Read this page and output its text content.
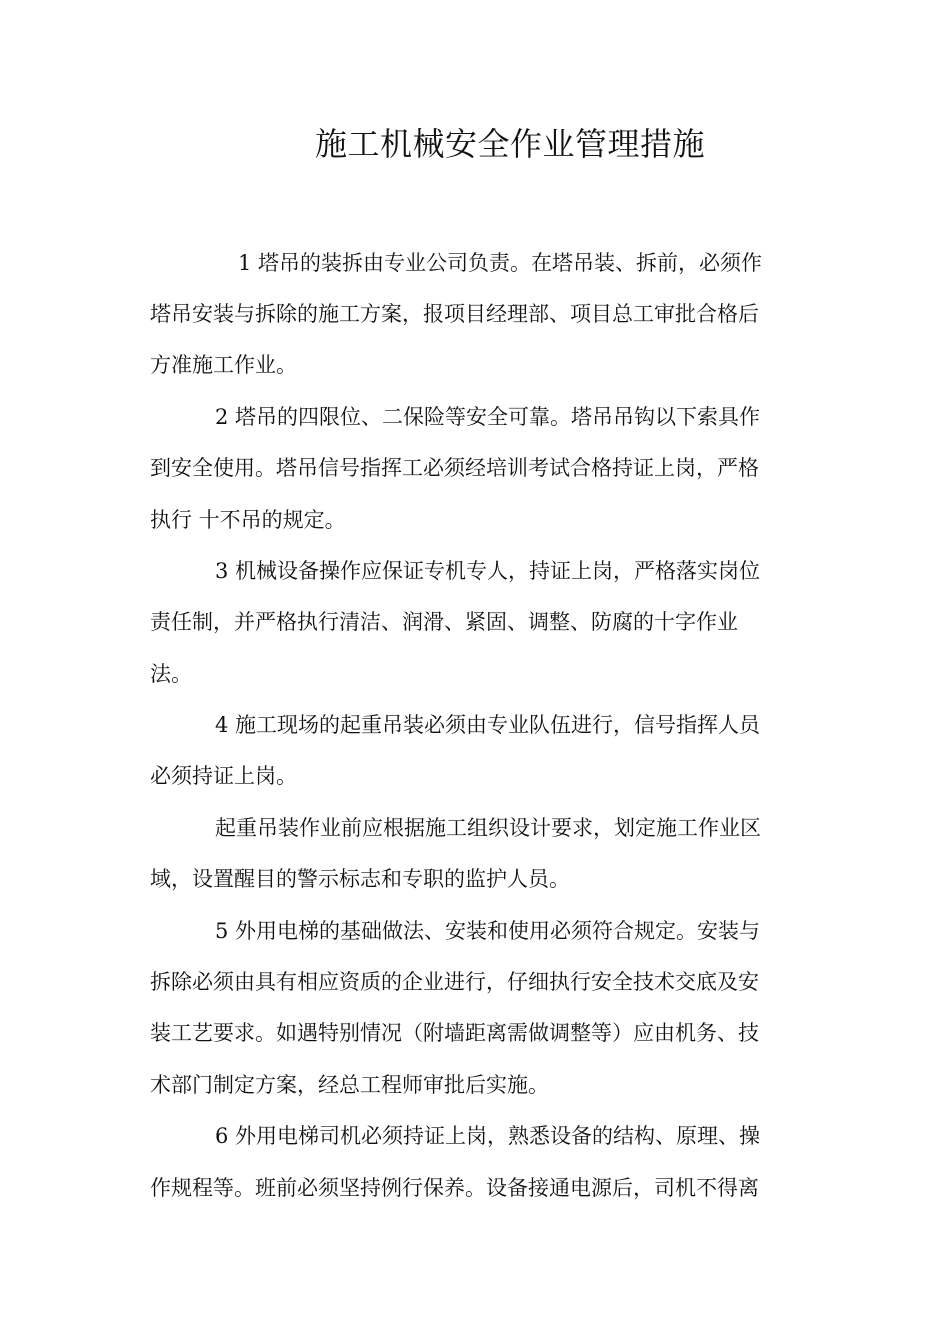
施工机械安全作业管理措施

1 塔吊的装拆由专业公司负责。在塔吊装、拆前，必须作

塔吊安装与拆除的施工方案，报项目经理部、项目总工审批合格后

方准施工作业。

2 塔吊的四限位、二保险等安全可靠。塔吊吊钩以下索具作

到安全使用。塔吊信号指挥工必须经培训考试合格持证上岗，严格

执行 十不吊的规定。

3 机械设备操作应保证专机专人，持证上岗，严格落实岗位

责任制，并严格执行清洁、润滑、紧固、调整、防腐的十字作业

法。

4 施工现场的起重吊装必须由专业队伍进行，信号指挥人员

必须持证上岗。

起重吊装作业前应根据施工组织设计要求，划定施工作业区

域，设置醒目的警示标志和专职的监护人员。

5 外用电梯的基础做法、安装和使用必须符合规定。安装与

拆除必须由具有相应资质的企业进行，仔细执行安全技术交底及安

装工艺要求。如遇特别情况（附墙距离需做调整等）应由机务、技

术部门制定方案，经总工程师审批后实施。

6 外用电梯司机必须持证上岗，熟悉设备的结构、原理、操

作规程等。班前必须坚持例行保养。设备接通电源后，司机不得离
